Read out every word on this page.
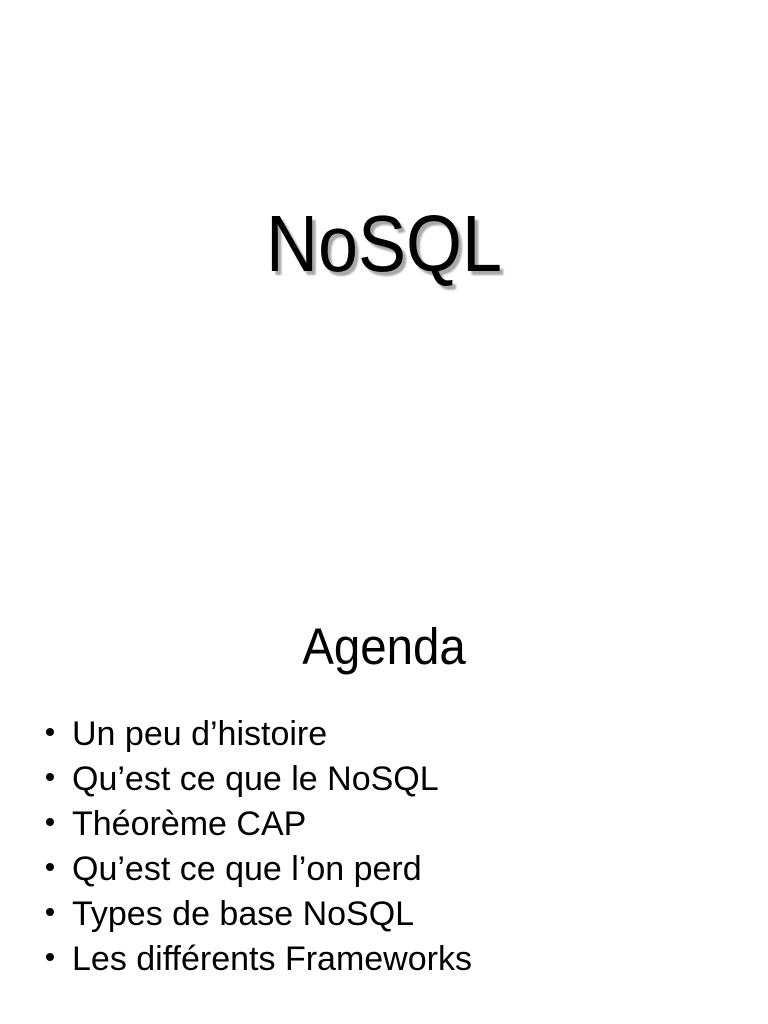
NoSQL
Agenda
Un peu d’histoire
Qu’est ce que le NoSQL
Théorème CAP
Qu’est ce que l’on perd
Types de base NoSQL
Les différents Frameworks
